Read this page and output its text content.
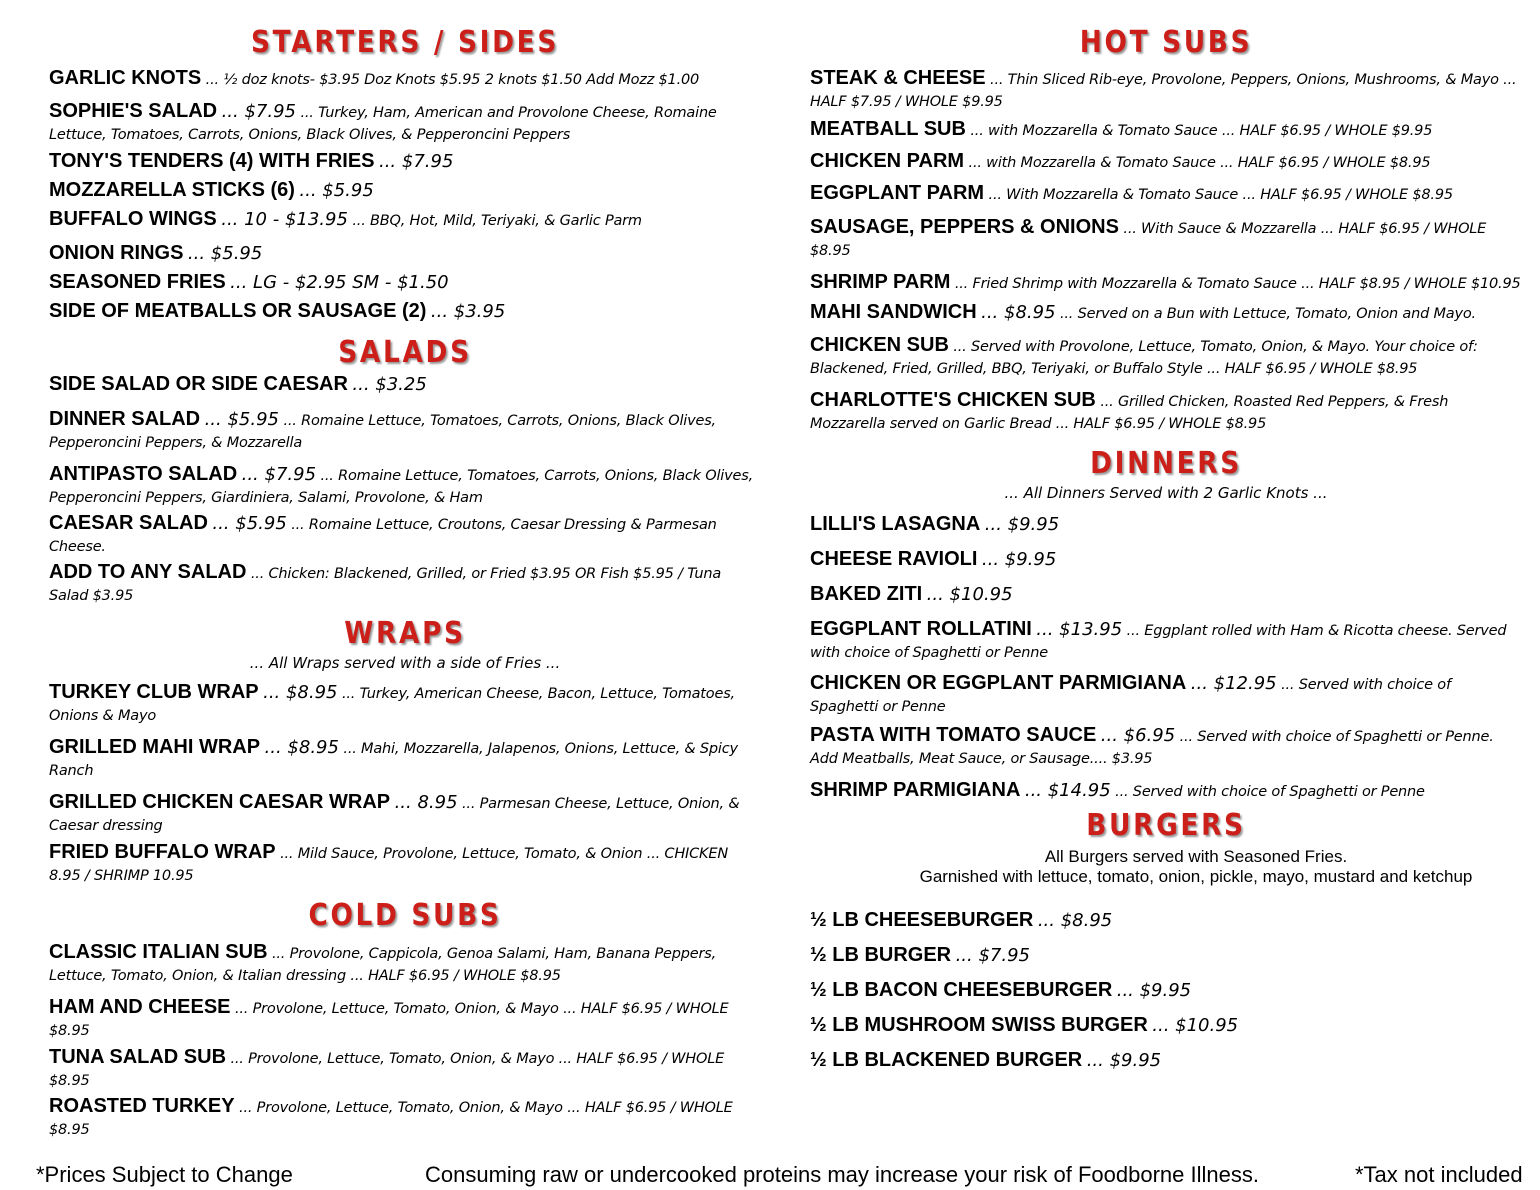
STARTERS / SIDES
GARLIC KNOTS ... ½ doz knots- $3.95 Doz Knots $5.95 2 knots $1.50 Add Mozz $1.00
SOPHIE'S SALAD ... $7.95 ... Turkey, Ham, American and Provolone Cheese, Romaine Lettuce, Tomatoes, Carrots, Onions, Black Olives, & Pepperoncini Peppers
TONY'S TENDERS (4) WITH FRIES ... $7.95
MOZZARELLA STICKS (6) ... $5.95
BUFFALO WINGS ... 10 - $13.95 ... BBQ, Hot, Mild, Teriyaki, & Garlic Parm
ONION RINGS ... $5.95
SEASONED FRIES ... LG - $2.95 SM - $1.50
SIDE OF MEATBALLS OR SAUSAGE (2) ... $3.95
SALADS
SIDE SALAD OR SIDE CAESAR ... $3.25
DINNER SALAD ... $5.95 ... Romaine Lettuce, Tomatoes, Carrots, Onions, Black Olives, Pepperoncini Peppers, & Mozzarella
ANTIPASTO SALAD ... $7.95 ... Romaine Lettuce, Tomatoes, Carrots, Onions, Black Olives, Pepperoncini Peppers, Giardiniera, Salami, Provolone, & Ham
CAESAR SALAD ... $5.95 ... Romaine Lettuce, Croutons, Caesar Dressing & Parmesan Cheese.
ADD TO ANY SALAD ... Chicken: Blackened, Grilled, or Fried $3.95 OR Fish $5.95 / Tuna Salad $3.95
WRAPS
... All Wraps served with a side of Fries ...
TURKEY CLUB WRAP ... $8.95 ... Turkey, American Cheese, Bacon, Lettuce, Tomatoes, Onions & Mayo
GRILLED MAHI WRAP ... $8.95 ... Mahi, Mozzarella, Jalapenos, Onions, Lettuce, & Spicy Ranch
GRILLED CHICKEN CAESAR WRAP ... 8.95 ... Parmesan Cheese, Lettuce, Onion, & Caesar dressing
FRIED BUFFALO WRAP ... Mild Sauce, Provolone, Lettuce, Tomato, & Onion ... CHICKEN 8.95 / SHRIMP 10.95
COLD SUBS
CLASSIC ITALIAN SUB ... Provolone, Cappicola, Genoa Salami, Ham, Banana Peppers, Lettuce, Tomato, Onion, & Italian dressing ... HALF $6.95 / WHOLE $8.95
HAM AND CHEESE ... Provolone, Lettuce, Tomato, Onion, & Mayo ... HALF $6.95 / WHOLE $8.95
TUNA SALAD SUB ... Provolone, Lettuce, Tomato, Onion, & Mayo ... HALF $6.95 / WHOLE $8.95
ROASTED TURKEY ... Provolone, Lettuce, Tomato, Onion, & Mayo ... HALF $6.95 / WHOLE $8.95
HOT SUBS
STEAK & CHEESE ... Thin Sliced Rib-eye, Provolone, Peppers, Onions, Mushrooms, & Mayo ... HALF $7.95 / WHOLE $9.95
MEATBALL SUB ... with Mozzarella & Tomato Sauce ... HALF $6.95 / WHOLE $9.95
CHICKEN PARM ... with Mozzarella & Tomato Sauce ... HALF $6.95 / WHOLE $8.95
EGGPLANT PARM ... With Mozzarella & Tomato Sauce ... HALF $6.95 / WHOLE $8.95
SAUSAGE, PEPPERS & ONIONS ... With Sauce & Mozzarella ... HALF $6.95 / WHOLE $8.95
SHRIMP PARM ... Fried Shrimp with Mozzarella & Tomato Sauce ... HALF $8.95 / WHOLE $10.95
MAHI SANDWICH ... $8.95 ... Served on a Bun with Lettuce, Tomato, Onion and Mayo.
CHICKEN SUB ... Served with Provolone, Lettuce, Tomato, Onion, & Mayo. Your choice of: Blackened, Fried, Grilled, BBQ, Teriyaki, or Buffalo Style ... HALF $6.95 / WHOLE $8.95
CHARLOTTE'S CHICKEN SUB ... Grilled Chicken, Roasted Red Peppers, & Fresh Mozzarella served on Garlic Bread ... HALF $6.95 / WHOLE $8.95
DINNERS
... All Dinners Served with 2 Garlic Knots ...
LILLI'S LASAGNA ... $9.95
CHEESE RAVIOLI ... $9.95
BAKED ZITI ... $10.95
EGGPLANT ROLLATINI ... $13.95 ... Eggplant rolled with Ham & Ricotta cheese. Served with choice of Spaghetti or Penne
CHICKEN OR EGGPLANT PARMIGIANA ... $12.95 ... Served with choice of Spaghetti or Penne
PASTA WITH TOMATO SAUCE ... $6.95 ... Served with choice of Spaghetti or Penne. Add Meatballs, Meat Sauce, or Sausage.... $3.95
SHRIMP PARMIGIANA ... $14.95 ... Served with choice of Spaghetti or Penne
BURGERS
All Burgers served with Seasoned Fries.
Garnished with lettuce, tomato, onion, pickle, mayo, mustard and ketchup
½ LB CHEESEBURGER ... $8.95
½ LB BURGER ... $7.95
½ LB BACON CHEESEBURGER ... $9.95
½ LB MUSHROOM SWISS BURGER ... $10.95
½ LB BLACKENED BURGER ... $9.95
*Prices Subject to Change	Consuming raw or undercooked proteins may increase your risk of Foodborne Illness.	*Tax not included
